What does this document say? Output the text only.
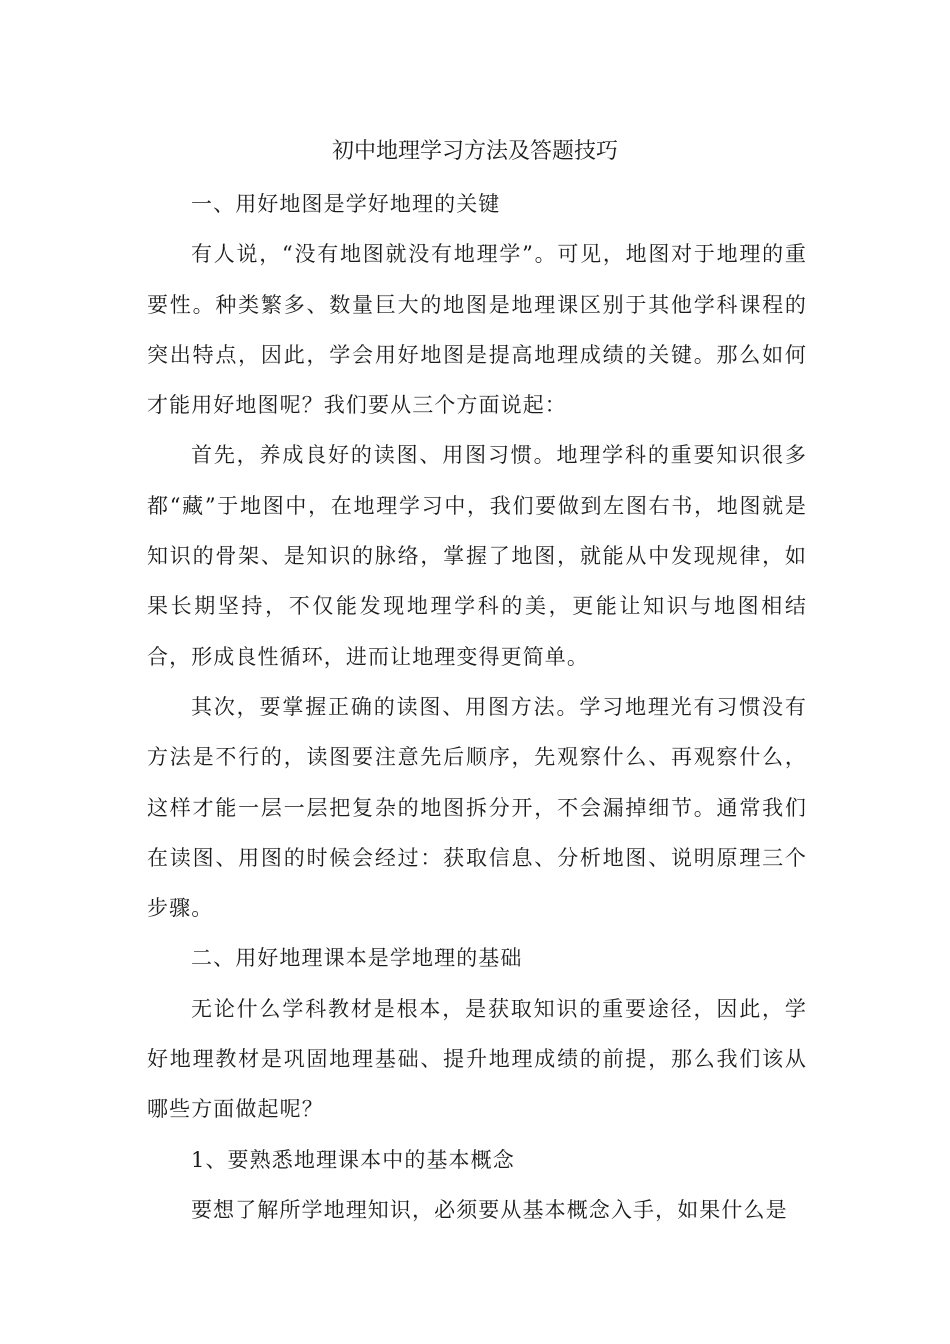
初中地理学习方法及答题技巧

一、用好地图是学好地理的关键

有人说，“没有地图就没有地理学”。可见，地图对于地理的重要性。种类繁多、数量巨大的地图是地理课区别于其他学科课程的突出特点，因此，学会用好地图是提高地理成绩的关键。那么如何才能用好地图呢？我们要从三个方面说起：

首先，养成良好的读图、用图习惯。地理学科的重要知识很多都“藏”于地图中，在地理学习中，我们要做到左图右书，地图就是知识的骨架、是知识的脉络，掌握了地图，就能从中发现规律，如果长期坚持，不仅能发现地理学科的美，更能让知识与地图相结合，形成良性循环，进而让地理变得更简单。

其次，要掌握正确的读图、用图方法。学习地理光有习惯没有方法是不行的，读图要注意先后顺序，先观察什么、再观察什么，这样才能一层一层把复杂的地图拆分开，不会漏掉细节。通常我们在读图、用图的时候会经过：获取信息、分析地图、说明原理三个步骤。

二、用好地理课本是学地理的基础

无论什么学科教材是根本，是获取知识的重要途径，因此，学好地理教材是巩固地理基础、提升地理成绩的前提，那么我们该从哪些方面做起呢？

1、要熟悉地理课本中的基本概念

要想了解所学地理知识，必须要从基本概念入手，如果什么是
